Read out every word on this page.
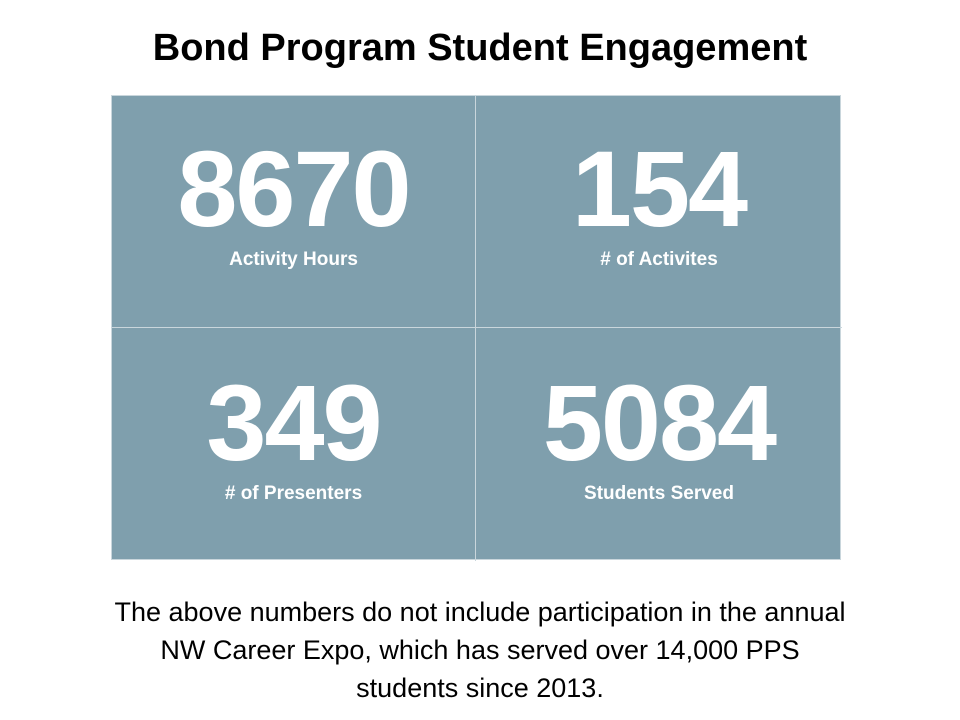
Bond Program Student Engagement
8670
Activity Hours
154
# of Activites
349
# of Presenters
5084
Students Served
The above numbers do not include participation in the annual
NW Career Expo, which has served over 14,000 PPS
students since 2013.
